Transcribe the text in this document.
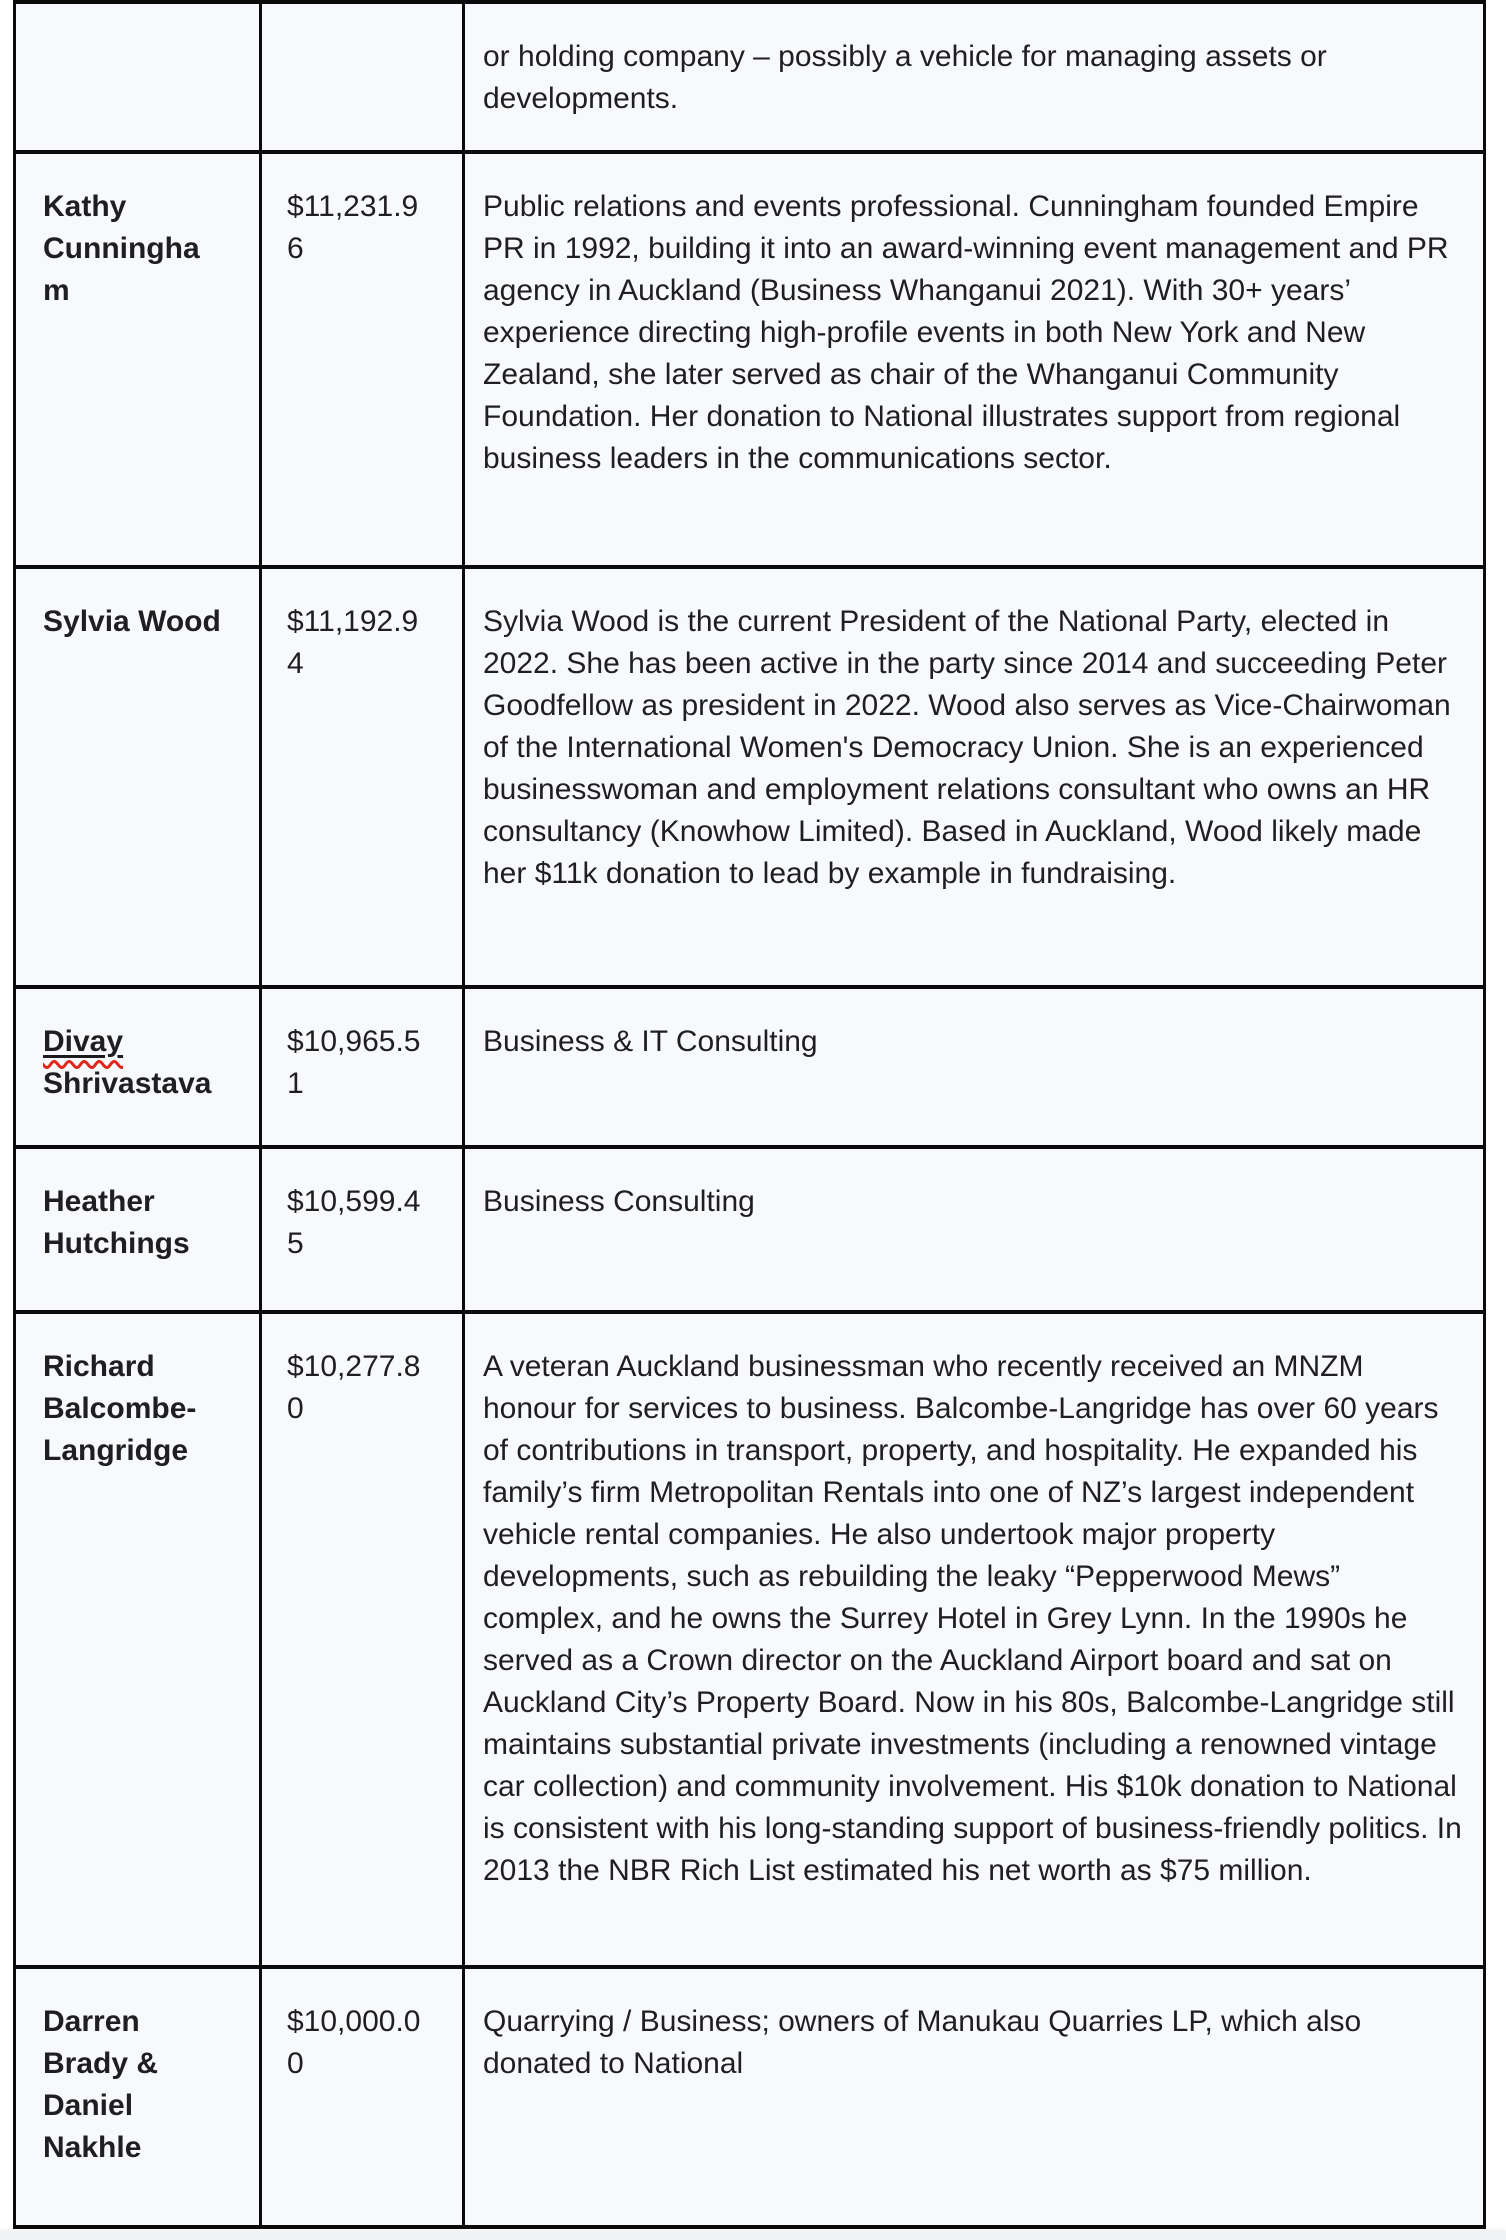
		or holding company – possibly a vehicle for managing assets or developments.
Kathy Cunningham	$11,231.96	Public relations and events professional. Cunningham founded Empire PR in 1992, building it into an award-winning event management and PR agency in Auckland (Business Whanganui 2021). With 30+ years’ experience directing high-profile events in both New York and New Zealand, she later served as chair of the Whanganui Community Foundation. Her donation to National illustrates support from regional business leaders in the communications sector.
Sylvia Wood	$11,192.94	Sylvia Wood is the current President of the National Party, elected in 2022. She has been active in the party since 2014 and succeeding Peter Goodfellow as president in 2022. Wood also serves as Vice-Chairwoman of the International Women's Democracy Union. She is an experienced businesswoman and employment relations consultant who owns an HR consultancy (Knowhow Limited). Based in Auckland, Wood likely made her $11k donation to lead by example in fundraising.
Divay Shrivastava	$10,965.51	Business & IT Consulting
Heather Hutchings	$10,599.45	Business Consulting
Richard Balcombe-Langridge	$10,277.80	A veteran Auckland businessman who recently received an MNZM honour for services to business. Balcombe-Langridge has over 60 years of contributions in transport, property, and hospitality. He expanded his family’s firm Metropolitan Rentals into one of NZ’s largest independent vehicle rental companies. He also undertook major property developments, such as rebuilding the leaky “Pepperwood Mews” complex, and he owns the Surrey Hotel in Grey Lynn. In the 1990s he served as a Crown director on the Auckland Airport board and sat on Auckland City’s Property Board. Now in his 80s, Balcombe-Langridge still maintains substantial private investments (including a renowned vintage car collection) and community involvement. His $10k donation to National is consistent with his long-standing support of business-friendly politics. In 2013 the NBR Rich List estimated his net worth as $75 million.
Darren Brady & Daniel Nakhle	$10,000.00	Quarrying / Business; owners of Manukau Quarries LP, which also donated to National
